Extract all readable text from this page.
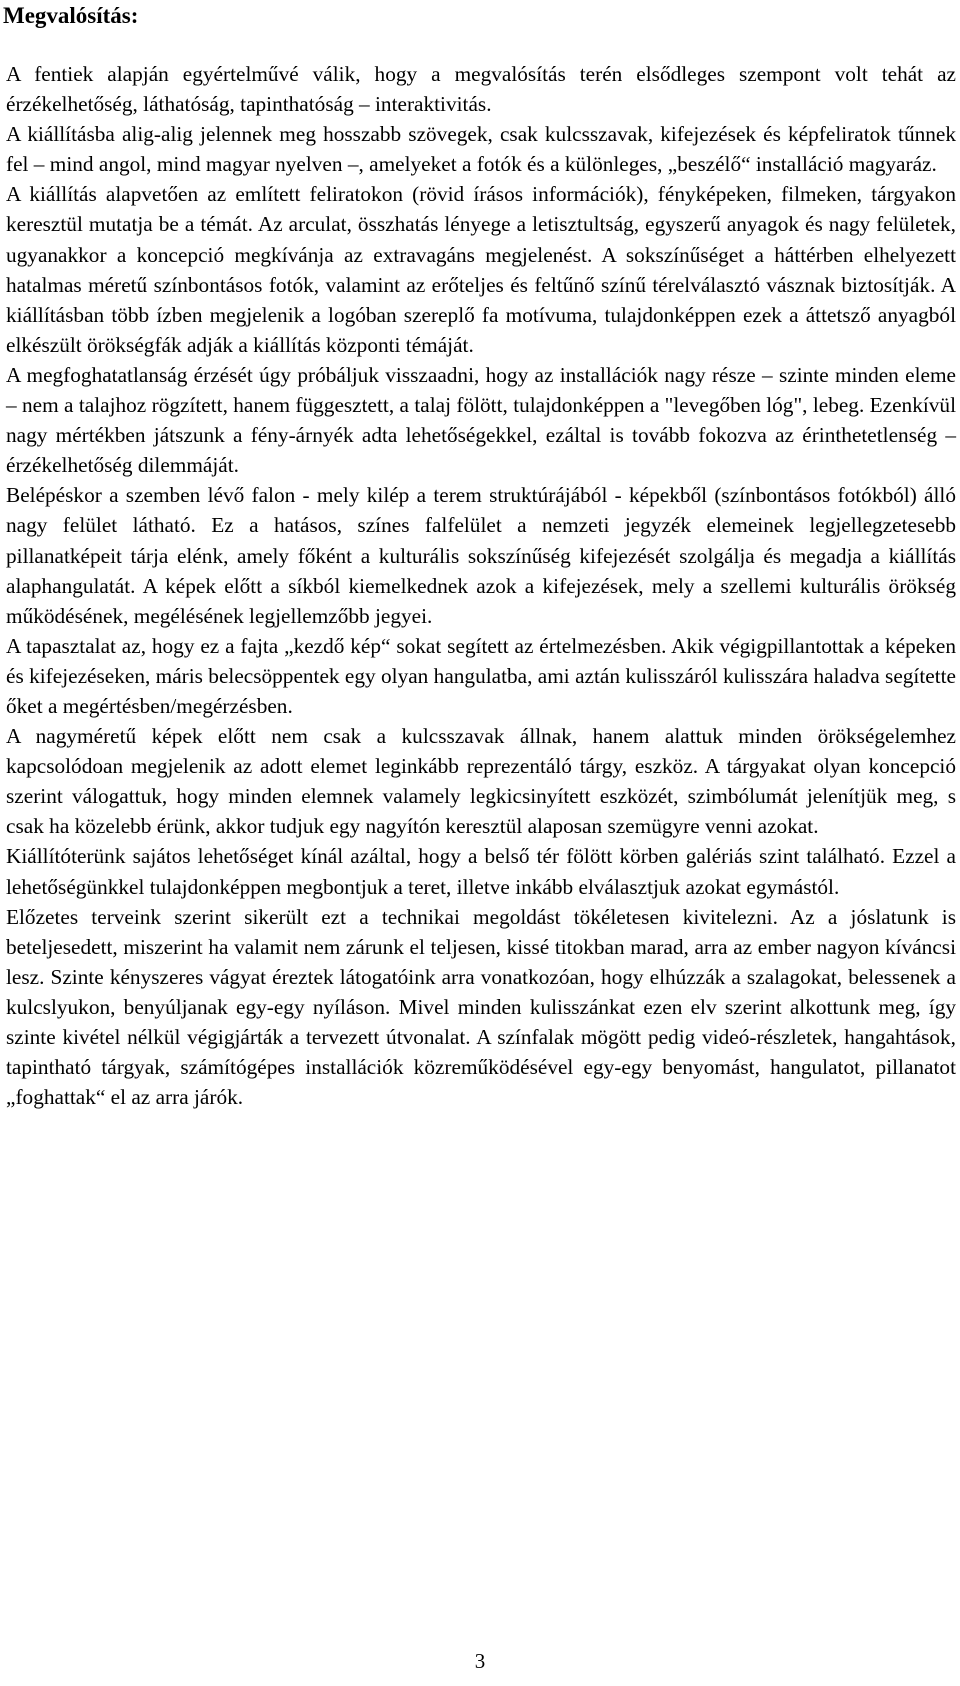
Megvalósítás:

A fentiek alapján egyértelművé válik, hogy a megvalósítás terén elsődleges szempont volt tehát az érzékelhetőség, láthatóság, tapinthatóság – interaktivitás.

A kiállításba alig-alig jelennek meg hosszabb szövegek, csak kulcsszavak, kifejezések és képfeliratok tűnnek fel – mind angol, mind magyar nyelven –, amelyeket a fotók és a különleges, „beszélő“ installáció magyaráz.

A kiállítás alapvetően az említett feliratokon (rövid írásos információk), fényképeken, filmeken, tárgyakon keresztül mutatja be a témát. Az arculat, összhatás lényege a letisztultság, egyszerű anyagok és nagy felületek, ugyanakkor a koncepció megkívánja az extravagáns megjelenést. A sokszínűséget a háttérben elhelyezett hatalmas méretű színbontásos fotók, valamint az erőteljes és feltűnő színű térelválasztó vásznak biztosítják. A kiállításban több ízben megjelenik a logóban szereplő fa motívuma, tulajdonképpen ezek a áttetsző anyagból elkészült örökségfák adják a kiállítás központi témáját.

A megfoghatatlanság érzését úgy próbáljuk visszaadni, hogy az installációk nagy része – szinte minden eleme – nem a talajhoz rögzített, hanem függesztett, a talaj fölött, tulajdonképpen a "levegőben lóg", lebeg. Ezenkívül nagy mértékben játszunk a fény-árnyék adta lehetőségekkel, ezáltal is tovább fokozva az érinthetetlenség – érzékelhetőség dilemmáját.

Belépéskor a szemben lévő falon - mely kilép a terem struktúrájából - képekből (színbontásos fotókból) álló nagy felület látható. Ez a hatásos, színes falfelület a nemzeti jegyzék elemeinek legjellegzetesebb pillanatképeit tárja elénk, amely főként a kulturális sokszínűség kifejezését szolgálja és megadja a kiállítás alaphangulatát. A képek előtt a síkból kiemelkednek azok a kifejezések, mely a szellemi kulturális örökség működésének, megélésének legjellemzőbb jegyei.

A tapasztalat az, hogy ez a fajta „kezdő kép“ sokat segített az értelmezésben. Akik végigpillantottak a képeken és kifejezéseken, máris belecsöppentek egy olyan hangulatba, ami aztán kulisszáról kulisszára haladva segítette őket a megértésben/megérzésben.

A nagyméretű képek előtt nem csak a kulcsszavak állnak, hanem alattuk minden örökségelemhez kapcsolódoan megjelenik az adott elemet leginkább reprezentáló tárgy, eszköz. A tárgyakat olyan koncepció szerint válogattuk, hogy minden elemnek valamely legkicsinyített eszközét, szimbólumát jelenítjük meg, s csak ha közelebb érünk, akkor tudjuk egy nagyítón keresztül alaposan szemügyre venni azokat.

Kiállítóterünk sajátos lehetőséget kínál azáltal, hogy a belső tér fölött körben galériás szint található. Ezzel a lehetőségünkkel tulajdonképpen megbontjuk a teret, illetve inkább elválasztjuk azokat egymástól.

Előzetes terveink szerint sikerült ezt a technikai megoldást tökéletesen kivitelezni. Az a jóslatunk is beteljesedett, miszerint ha valamit nem zárunk el teljesen, kissé titokban marad, arra az ember nagyon kíváncsi lesz. Szinte kényszeres vágyat éreztek látogatóink arra vonatkozóan, hogy elhúzzák a szalagokat, belessenek a kulcslyukon, benyúljanak egy-egy nyíláson. Mivel minden kulisszánkat ezen elv szerint alkottunk meg, így szinte kivétel nélkül végigjárták a tervezett útvonalat. A színfalak mögött pedig videó-részletek, hangahtások, tapintható tárgyak, számítógépes installációk közreműködésével egy-egy benyomást, hangulatot, pillanatot „foghattak“ el az arra járók.

3
